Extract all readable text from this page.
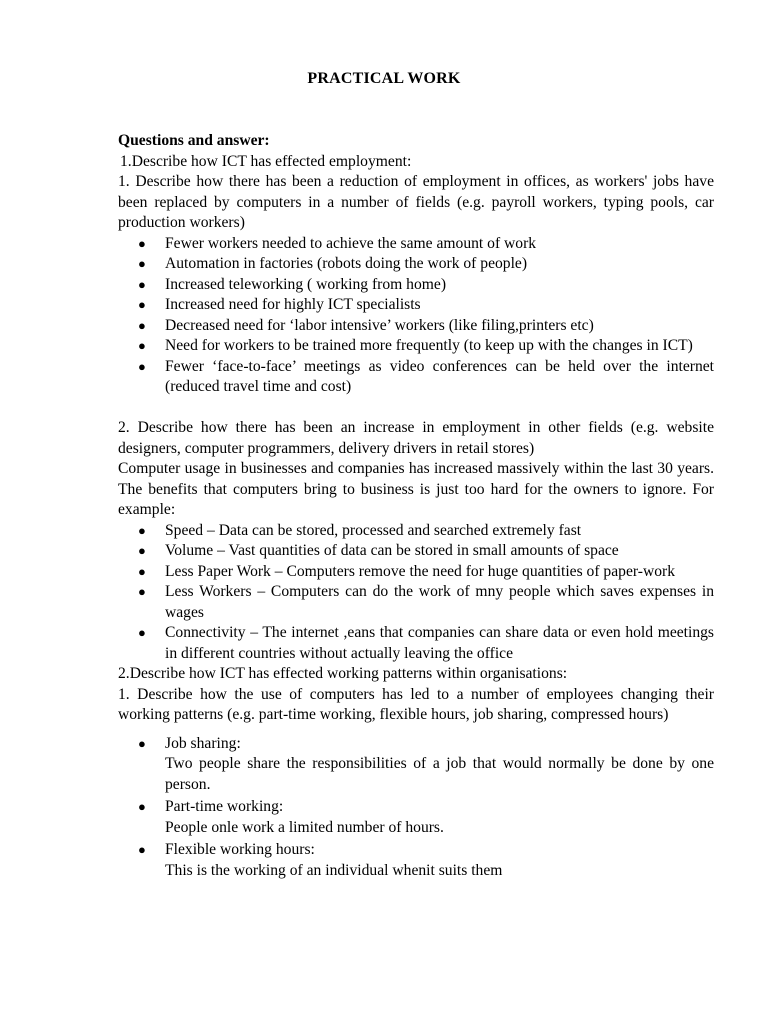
PRACTICAL WORK

Questions and answer:

1.Describe how ICT has effected employment:

1. Describe how there has been a reduction of employment in offices, as workers' jobs have been replaced by computers in a number of fields (e.g. payroll workers, typing pools, car production workers)

● Fewer workers needed to achieve the same amount of work
● Automation in factories (robots doing the work of people)
● Increased teleworking ( working from home)
● Increased need for highly ICT specialists
● Decreased need for ‘labor intensive’ workers (like filing,printers etc)
● Need for workers to be trained more frequently (to keep up with the changes in ICT)
● Fewer ‘face-to-face’ meetings as video conferences can be held over the internet (reduced travel time and cost)

2. Describe how there has been an increase in employment in other fields (e.g. website designers, computer programmers, delivery drivers in retail stores)

Computer usage in businesses and companies has increased massively within the last 30 years. The benefits that computers bring to business is just too hard for the owners to ignore. For example:

● Speed – Data can be stored, processed and searched extremely fast
● Volume – Vast quantities of data can be stored in small amounts of space
● Less Paper Work – Computers remove the need for huge quantities of paper-work
● Less Workers – Computers can do the work of mny people which saves expenses in wages
● Connectivity – The internet ,eans that companies can share data or even hold meetings in different countries without actually leaving the office

2.Describe how ICT has effected working patterns within organisations:

1. Describe how the use of computers has led to a number of employees changing their working patterns (e.g. part-time working, flexible hours, job sharing, compressed hours)

● Job sharing:
Two people share the responsibilities of a job that would normally be done by one person.
● Part-time working:
People onle work a limited number of hours.
● Flexible working hours:
This is the working of an individual whenit suits them
